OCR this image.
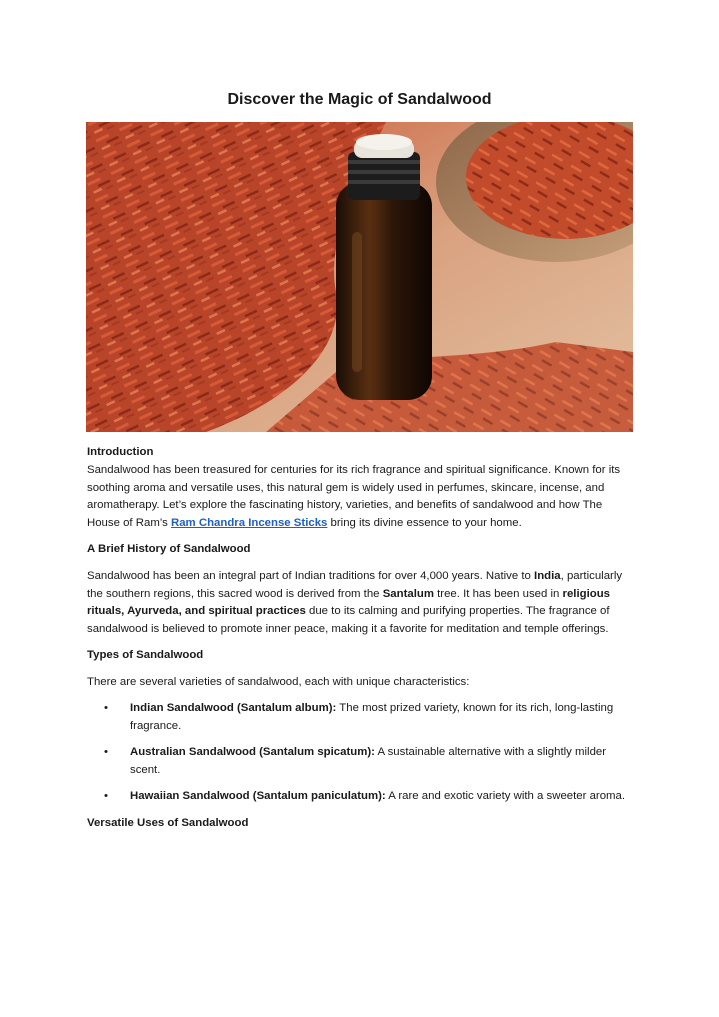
Discover the Magic of Sandalwood

Introduction

Sandalwood has been treasured for centuries for its rich fragrance and spiritual significance. Known for its soothing aroma and versatile uses, this natural gem is widely used in perfumes, skincare, incense, and aromatherapy. Let’s explore the fascinating history, varieties, and benefits of sandalwood and how The House of Ram’s Ram Chandra Incense Sticks bring its divine essence to your home.

A Brief History of Sandalwood

Sandalwood has been an integral part of Indian traditions for over 4,000 years. Native to India, particularly the southern regions, this sacred wood is derived from the Santalum tree. It has been used in religious rituals, Ayurveda, and spiritual practices due to its calming and purifying properties. The fragrance of sandalwood is believed to promote inner peace, making it a favorite for meditation and temple offerings.

Types of Sandalwood

There are several varieties of sandalwood, each with unique characteristics:

• Indian Sandalwood (Santalum album): The most prized variety, known for its rich, long-lasting fragrance.
• Australian Sandalwood (Santalum spicatum): A sustainable alternative with a slightly milder scent.
• Hawaiian Sandalwood (Santalum paniculatum): A rare and exotic variety with a sweeter aroma.

Versatile Uses of Sandalwood
